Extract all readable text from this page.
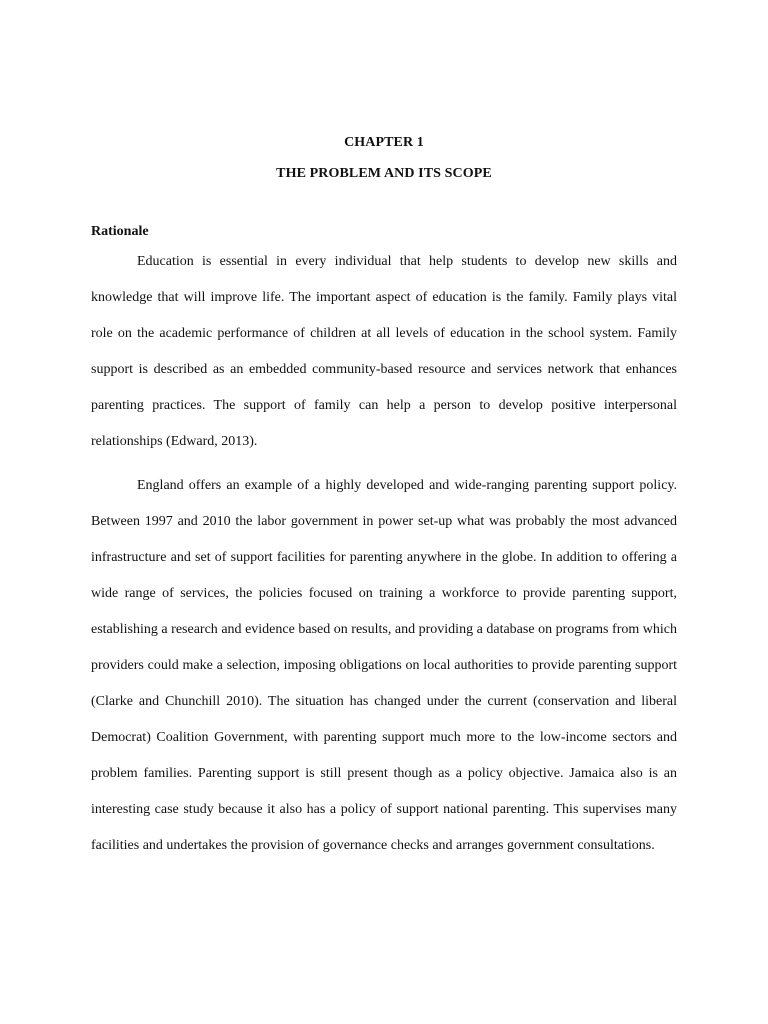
CHAPTER 1
THE PROBLEM AND ITS SCOPE
Rationale

Education is essential in every individual that help students to develop new skills and knowledge that will improve life. The important aspect of education is the family. Family plays vital role on the academic performance of children at all levels of education in the school system. Family support is described as an embedded community-based resource and services network that enhances parenting practices. The support of family can help a person to develop positive interpersonal relationships (Edward, 2013).

England offers an example of a highly developed and wide-ranging parenting support policy. Between 1997 and 2010 the labor government in power set-up what was probably the most advanced infrastructure and set of support facilities for parenting anywhere in the globe. In addition to offering a wide range of services, the policies focused on training a workforce to provide parenting support, establishing a research and evidence based on results, and providing a database on programs from which providers could make a selection, imposing obligations on local authorities to provide parenting support (Clarke and Chunchill 2010). The situation has changed under the current (conservation and liberal Democrat) Coalition Government, with parenting support much more to the low-income sectors and problem families. Parenting support is still present though as a policy objective. Jamaica also is an interesting case study because it also has a policy of support national parenting. This supervises many facilities and undertakes the provision of governance checks and arranges government consultations.
